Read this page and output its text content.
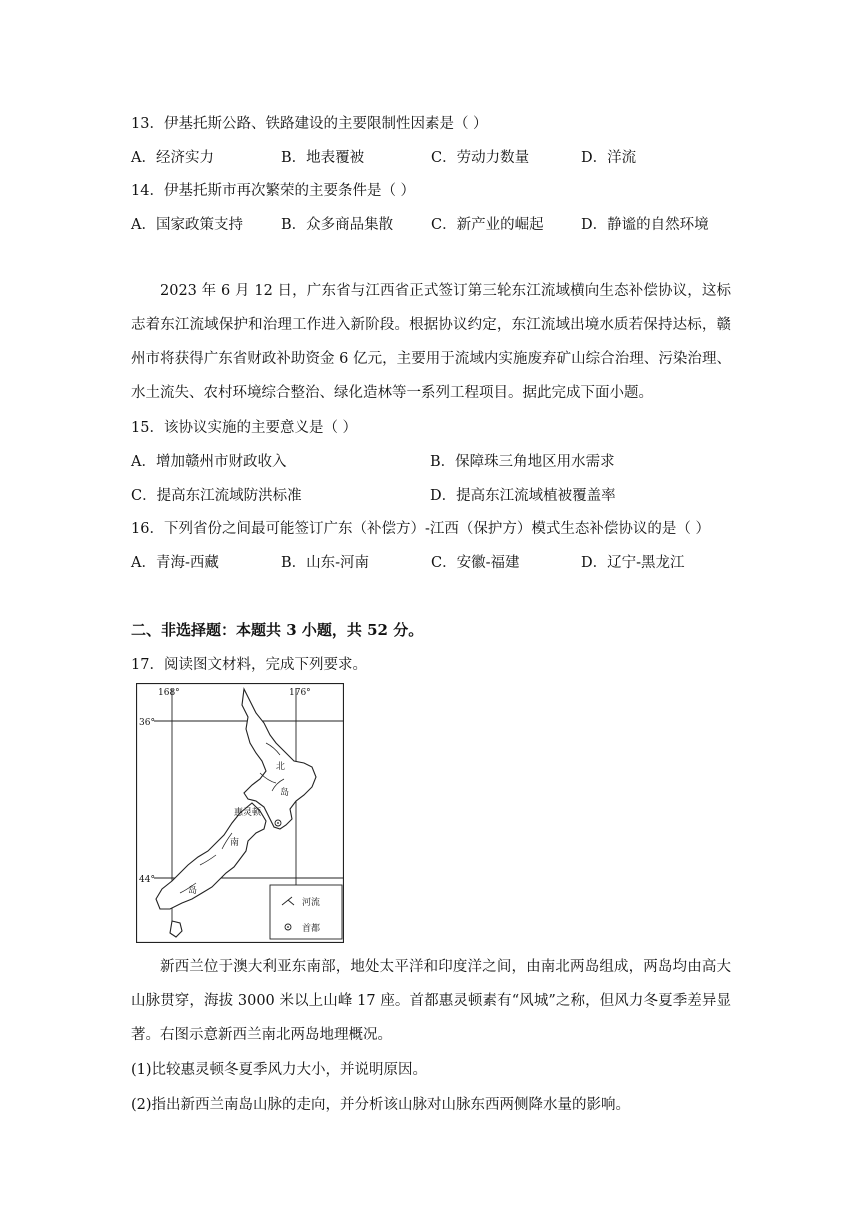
13．伊基托斯公路、铁路建设的主要限制性因素是（ ）
A．经济实力	B．地表覆被	C．劳动力数量	D．洋流
14．伊基托斯市再次繁荣的主要条件是（ ）
A．国家政策支持	B．众多商品集散	C．新产业的崛起	D．静谧的自然环境

2023 年 6 月 12 日，广东省与江西省正式签订第三轮东江流域横向生态补偿协议，这标志着东江流域保护和治理工作进入新阶段。根据协议约定，东江流域出境水质若保持达标，赣州市将获得广东省财政补助资金 6 亿元，主要用于流域内实施废弃矿山综合治理、污染治理、水土流失、农村环境综合整治、绿化造林等一系列工程项目。据此完成下面小题。

15．该协议实施的主要意义是（ ）
A．增加赣州市财政收入	B．保障珠三角地区用水需求
C．提高东江流域防洪标准	D．提高东江流域植被覆盖率
16．下列省份之间最可能签订广东（补偿方）-江西（保护方）模式生态补偿协议的是（ ）
A．青海-西藏	B．山东-河南	C．安徽-福建	D．辽宁-黑龙江
二、非选择题：本题共 3 小题，共 52 分。
17．阅读图文材料，完成下列要求。
168°	176°
36°
44°
北
岛
南
岛
惠灵顿
河流
首都

新西兰位于澳大利亚东南部，地处太平洋和印度洋之间，由南北两岛组成，两岛均由高大山脉贯穿，海拔 3000 米以上山峰 17 座。首都惠灵顿素有“风城”之称，但风力冬夏季差异显著。右图示意新西兰南北两岛地理概况。

(1)比较惠灵顿冬夏季风力大小，并说明原因。
(2)指出新西兰南岛山脉的走向，并分析该山脉对山脉东西两侧降水量的影响。
